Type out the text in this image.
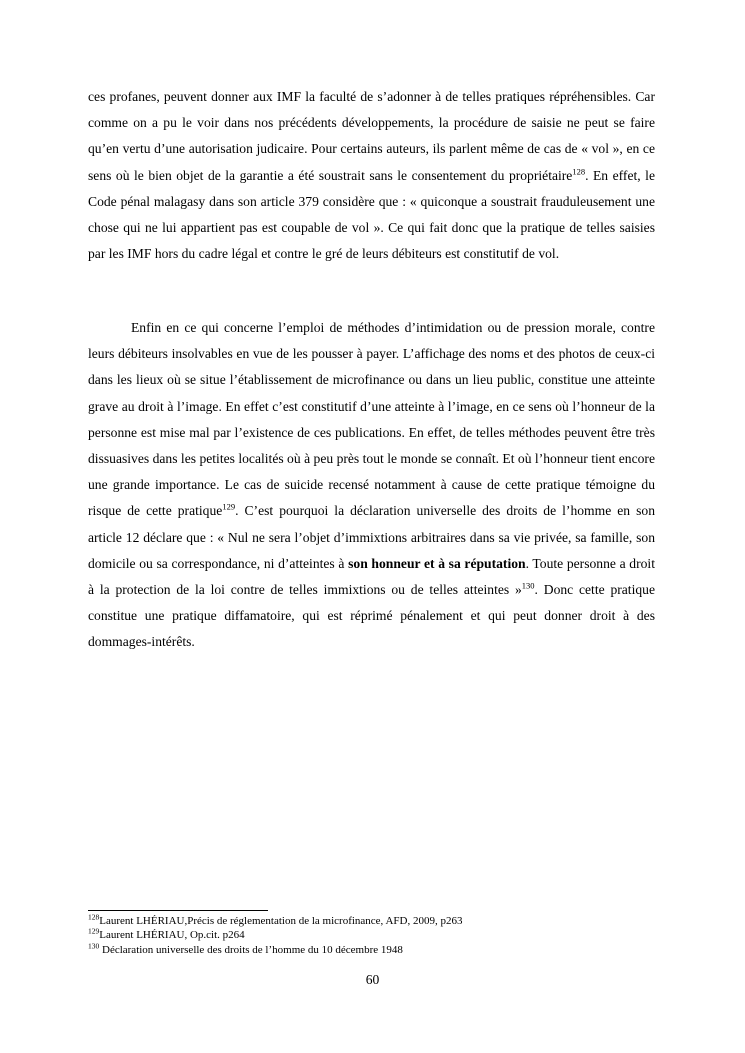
ces profanes, peuvent donner aux IMF la faculté de s’adonner à de telles pratiques répréhensibles. Car comme on a pu le voir dans nos précédents développements, la procédure de saisie ne peut se faire qu’en vertu d’une autorisation judicaire. Pour certains auteurs, ils parlent même de cas de « vol », en ce sens où le bien objet de la garantie a été soustrait sans le consentement du propriétaire$^{128}$. En effet, le Code pénal malagasy dans son article 379 considère que : « quiconque a soustrait frauduleusement une chose qui ne lui appartient pas est coupable de vol ». Ce qui fait donc que la pratique de telles saisies par les IMF hors du cadre légal et contre le gré de leurs débiteurs est constitutif de vol.

Enfin en ce qui concerne l’emploi de méthodes d’intimidation ou de pression morale, contre leurs débiteurs insolvables en vue de les pousser à payer. L’affichage des noms et des photos de ceux-ci dans les lieux où se situe l’établissement de microfinance ou dans un lieu public, constitue une atteinte grave au droit à l’image. En effet c’est constitutif d’une atteinte à l’image, en ce sens où l’honneur de la personne est mise mal par l’existence de ces publications. En effet, de telles méthodes peuvent être très dissuasives dans les petites localités où à peu près tout le monde se connaît. Et où l’honneur tient encore une grande importance. Le cas de suicide recensé notamment à cause de cette pratique témoigne du risque de cette pratique$^{129}$. C’est pourquoi la déclaration universelle des droits de l’homme en son article 12 déclare que : « Nul ne sera l’objet d’immixtions arbitraires dans sa vie privée, sa famille, son domicile ou sa correspondance, ni d’atteintes à son honneur et à sa réputation. Toute personne a droit à la protection de la loi contre de telles immixtions ou de telles atteintes »$^{130}$. Donc cette pratique constitue une pratique diffamatoire, qui est réprimé pénalement et qui peut donner droit à des dommages-intérêts.

$^{128}$Laurent LHÉRIAU,Précis de réglementation de la microfinance, AFD, 2009, p263
$^{129}$Laurent LHÉRIAU, Op.cit. p264
$^{130}$ Déclaration universelle des droits de l’homme du 10 décembre 1948
60
